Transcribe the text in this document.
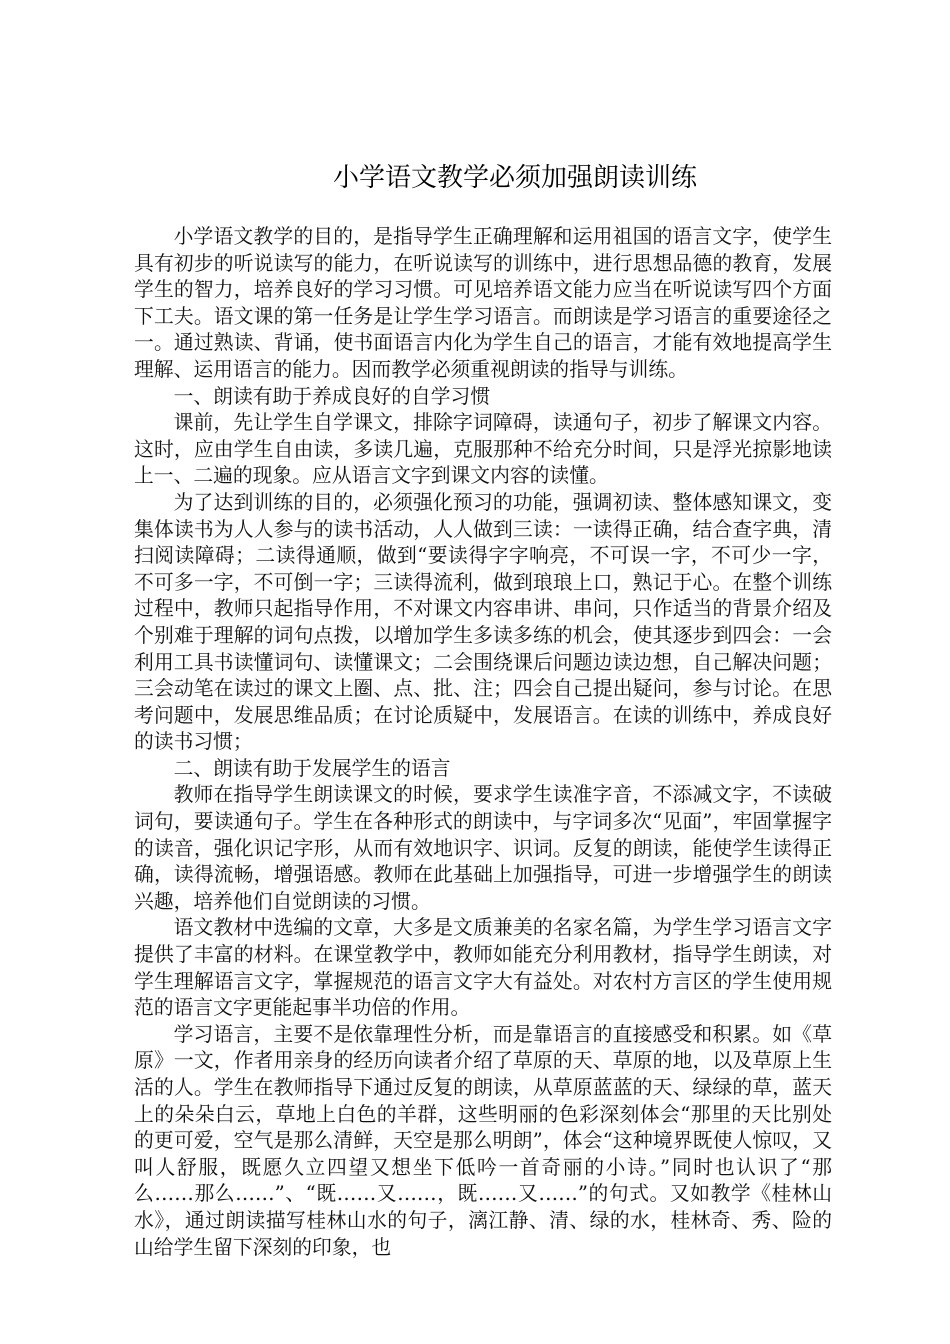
小学语文教学必须加强朗读训练

小学语文教学的目的，是指导学生正确理解和运用祖国的语言文字，使学生具有初步的听说读写的能力，在听说读写的训练中，进行思想品德的教育，发展学生的智力，培养良好的学习习惯。可见培养语文能力应当在听说读写四个方面下工夫。语文课的第一任务是让学生学习语言。而朗读是学习语言的重要途径之一。通过熟读、背诵，使书面语言内化为学生自己的语言，才能有效地提高学生理解、运用语言的能力。因而教学必须重视朗读的指导与训练。

一、朗读有助于养成良好的自学习惯

课前，先让学生自学课文，排除字词障碍，读通句子，初步了解课文内容。这时，应由学生自由读，多读几遍，克服那种不给充分时间，只是浮光掠影地读上一、二遍的现象。应从语言文字到课文内容的读懂。

为了达到训练的目的，必须强化预习的功能，强调初读、整体感知课文，变集体读书为人人参与的读书活动，人人做到三读：一读得正确，结合查字典，清扫阅读障碍；二读得通顺，做到“要读得字字响亮，不可误一字，不可少一字，不可多一字，不可倒一字；三读得流利，做到琅琅上口，熟记于心。在整个训练过程中，教师只起指导作用，不对课文内容串讲、串问，只作适当的背景介绍及个别难于理解的词句点拨，以增加学生多读多练的机会，使其逐步到四会：一会利用工具书读懂词句、读懂课文；二会围绕课后问题边读边想，自己解决问题；三会动笔在读过的课文上圈、点、批、注；四会自己提出疑问，参与讨论。在思考问题中，发展思维品质；在讨论质疑中，发展语言。在读的训练中，养成良好的读书习惯；

二、朗读有助于发展学生的语言

教师在指导学生朗读课文的时候，要求学生读准字音，不添减文字，不读破词句，要读通句子。学生在各种形式的朗读中，与字词多次“见面”，牢固掌握字的读音，强化识记字形，从而有效地识字、识词。反复的朗读，能使学生读得正确，读得流畅，增强语感。教师在此基础上加强指导，可进一步增强学生的朗读兴趣，培养他们自觉朗读的习惯。

语文教材中选编的文章，大多是文质兼美的名家名篇，为学生学习语言文字提供了丰富的材料。在课堂教学中，教师如能充分利用教材，指导学生朗读，对学生理解语言文字，掌握规范的语言文字大有益处。对农村方言区的学生使用规范的语言文字更能起事半功倍的作用。

学习语言，主要不是依靠理性分析，而是靠语言的直接感受和积累。如《草原》一文，作者用亲身的经历向读者介绍了草原的天、草原的地，以及草原上生活的人。学生在教师指导下通过反复的朗读，从草原蓝蓝的天、绿绿的草，蓝天上的朵朵白云，草地上白色的羊群，这些明丽的色彩深刻体会“那里的天比别处的更可爱，空气是那么清鲜，天空是那么明朗”，体会“这种境界既使人惊叹，又叫人舒服，既愿久立四望又想坐下低吟一首奇丽的小诗。”同时也认识了“那么……那么……”、“既……又……，既……又……”的句式。又如教学《桂林山水》，通过朗读描写桂林山水的句子，漓江静、清、绿的水，桂林奇、秀、险的山给学生留下深刻的印象，也
